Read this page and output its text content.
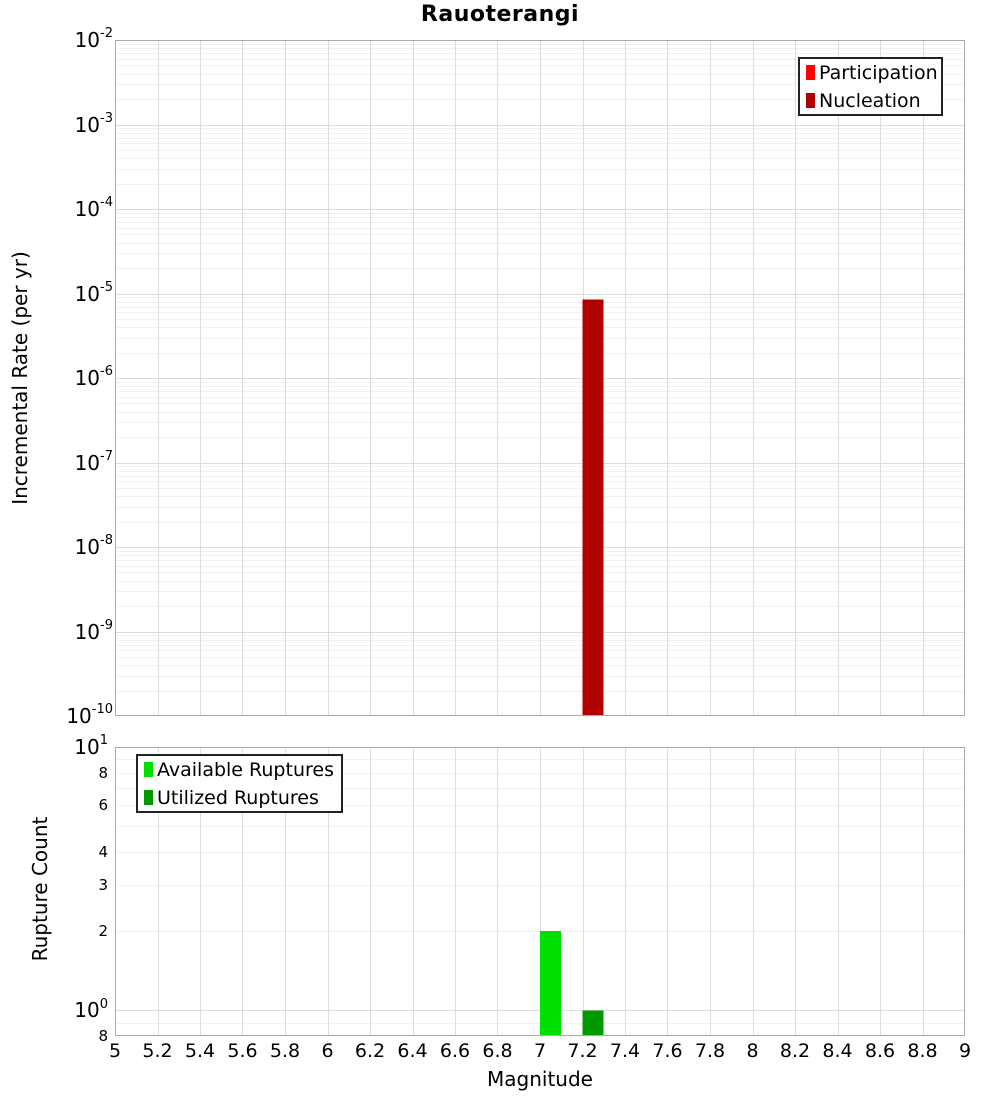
Rauoterangi
Incremental Rate (per yr)
Rupture Count
Magnitude
$10^{-2}$
$10^{-3}$
$10^{-4}$
$10^{-5}$
$10^{-6}$
$10^{-7}$
$10^{-8}$
$10^{-9}$
$10^{-10}$
$10^1$
8
6
4
3
2
$10^0$
8
5 5.2 5.4 5.6 5.8 6 6.2 6.4 6.6 6.8 7 7.2 7.4 7.6 7.8 8 8.2 8.4 8.6 8.8 9
Participation
Nucleation
Available Ruptures
Utilized Ruptures
